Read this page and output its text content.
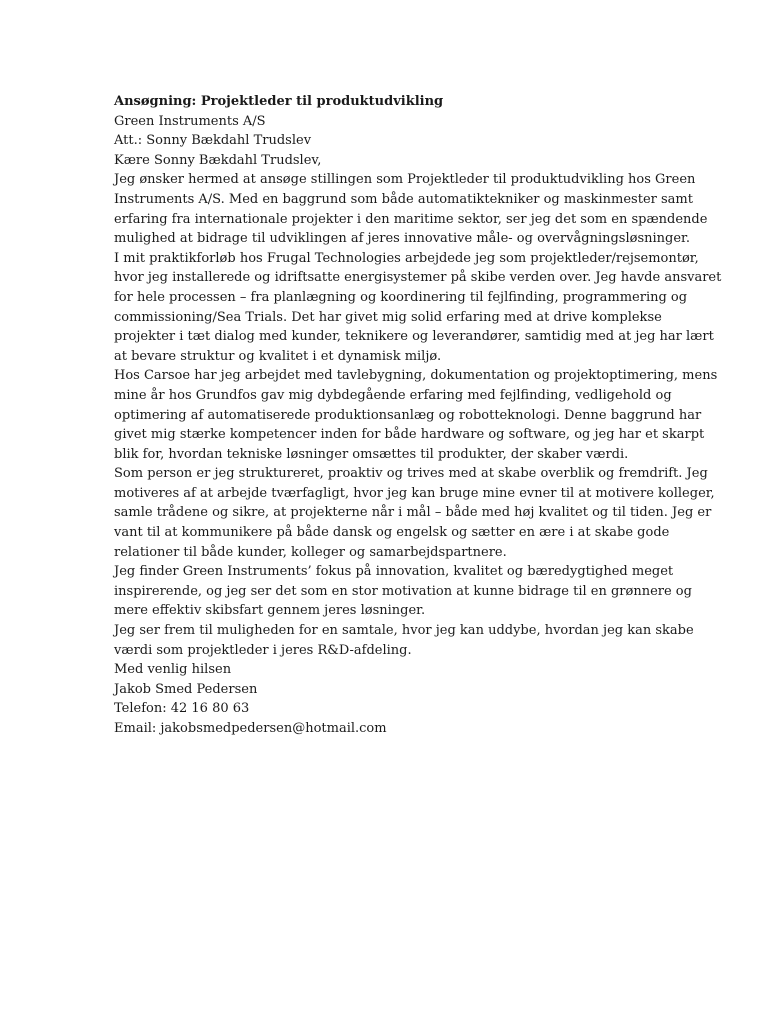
Ansøgning: Projektleder til produktudvikling
Green Instruments A/S
Att.: Sonny Bækdahl Trudslev
Kære Sonny Bækdahl Trudslev,
Jeg ønsker hermed at ansøge stillingen som Projektleder til produktudvikling hos Green
Instruments A/S. Med en baggrund som både automatiktekniker og maskinmester samt
erfaring fra internationale projekter i den maritime sektor, ser jeg det som en spændende
mulighed at bidrage til udviklingen af jeres innovative måle- og overvågningsløsninger.
I mit praktikforløb hos Frugal Technologies arbejdede jeg som projektleder/rejsemontør,
hvor jeg installerede og idriftsatte energisystemer på skibe verden over. Jeg havde ansvaret
for hele processen – fra planlægning og koordinering til fejlfinding, programmering og
commissioning/Sea Trials. Det har givet mig solid erfaring med at drive komplekse
projekter i tæt dialog med kunder, teknikere og leverandører, samtidig med at jeg har lært
at bevare struktur og kvalitet i et dynamisk miljø.
Hos Carsoe har jeg arbejdet med tavlebygning, dokumentation og projektoptimering, mens
mine år hos Grundfos gav mig dybdegående erfaring med fejlfinding, vedligehold og
optimering af automatiserede produktionsanlæg og robotteknologi. Denne baggrund har
givet mig stærke kompetencer inden for både hardware og software, og jeg har et skarpt
blik for, hvordan tekniske løsninger omsættes til produkter, der skaber værdi.
Som person er jeg struktureret, proaktiv og trives med at skabe overblik og fremdrift. Jeg
motiveres af at arbejde tværfagligt, hvor jeg kan bruge mine evner til at motivere kolleger,
samle trådene og sikre, at projekterne når i mål – både med høj kvalitet og til tiden. Jeg er
vant til at kommunikere på både dansk og engelsk og sætter en ære i at skabe gode
relationer til både kunder, kolleger og samarbejdspartnere.
Jeg finder Green Instruments’ fokus på innovation, kvalitet og bæredygtighed meget
inspirerende, og jeg ser det som en stor motivation at kunne bidrage til en grønnere og
mere effektiv skibsfart gennem jeres løsninger.
Jeg ser frem til muligheden for en samtale, hvor jeg kan uddybe, hvordan jeg kan skabe
værdi som projektleder i jeres R&D-afdeling.
Med venlig hilsen
Jakob Smed Pedersen
Telefon: 42 16 80 63
Email: jakobsmedpedersen@hotmail.com
